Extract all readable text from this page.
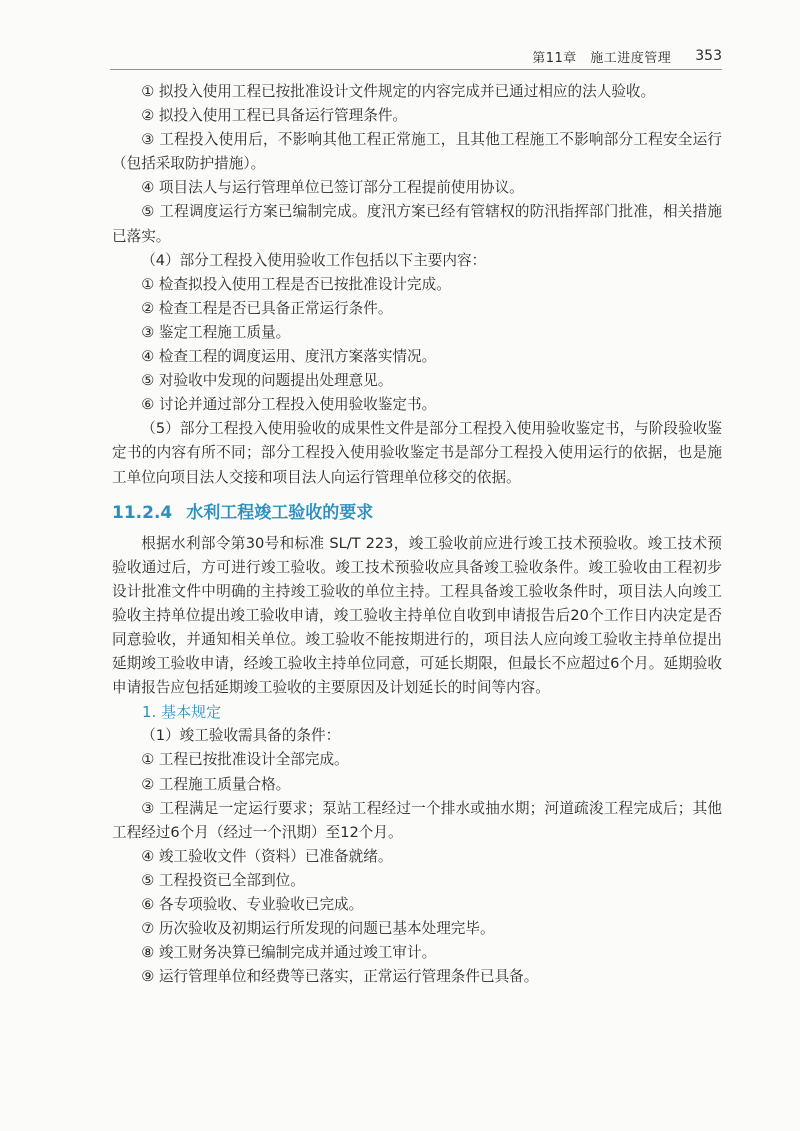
第11章　施工进度管理 353

① 拟投入使用工程已按批准设计文件规定的内容完成并已通过相应的法人验收。

② 拟投入使用工程已具备运行管理条件。

③ 工程投入使用后，不影响其他工程正常施工，且其他工程施工不影响部分工程安全运行（包括采取防护措施）。

④ 项目法人与运行管理单位已签订部分工程提前使用协议。

⑤ 工程调度运行方案已编制完成。度汛方案已经有管辖权的防汛指挥部门批准，相关措施已落实。

（4）部分工程投入使用验收工作包括以下主要内容：

① 检查拟投入使用工程是否已按批准设计完成。

② 检查工程是否已具备正常运行条件。

③ 鉴定工程施工质量。

④ 检查工程的调度运用、度汛方案落实情况。

⑤ 对验收中发现的问题提出处理意见。

⑥ 讨论并通过部分工程投入使用验收鉴定书。

（5）部分工程投入使用验收的成果性文件是部分工程投入使用验收鉴定书，与阶段验收鉴定书的内容有所不同；部分工程投入使用验收鉴定书是部分工程投入使用运行的依据，也是施工单位向项目法人交接和项目法人向运行管理单位移交的依据。

11.2.4 水利工程竣工验收的要求

根据水利部令第30号和标准 SL/T 223，竣工验收前应进行竣工技术预验收。竣工技术预验收通过后，方可进行竣工验收。竣工技术预验收应具备竣工验收条件。竣工验收由工程初步设计批准文件中明确的主持竣工验收的单位主持。工程具备竣工验收条件时，项目法人向竣工验收主持单位提出竣工验收申请，竣工验收主持单位自收到申请报告后20个工作日内决定是否同意验收，并通知相关单位。竣工验收不能按期进行的，项目法人应向竣工验收主持单位提出延期竣工验收申请，经竣工验收主持单位同意，可延长期限，但最长不应超过6个月。延期验收申请报告应包括延期竣工验收的主要原因及计划延长的时间等内容。

1. 基本规定

（1）竣工验收需具备的条件：

① 工程已按批准设计全部完成。

② 工程施工质量合格。

③ 工程满足一定运行要求；泵站工程经过一个排水或抽水期；河道疏浚工程完成后；其他工程经过6个月（经过一个汛期）至12个月。

④ 竣工验收文件（资料）已准备就绪。

⑤ 工程投资已全部到位。

⑥ 各专项验收、专业验收已完成。

⑦ 历次验收及初期运行所发现的问题已基本处理完毕。

⑧ 竣工财务决算已编制完成并通过竣工审计。

⑨ 运行管理单位和经费等已落实，正常运行管理条件已具备。
